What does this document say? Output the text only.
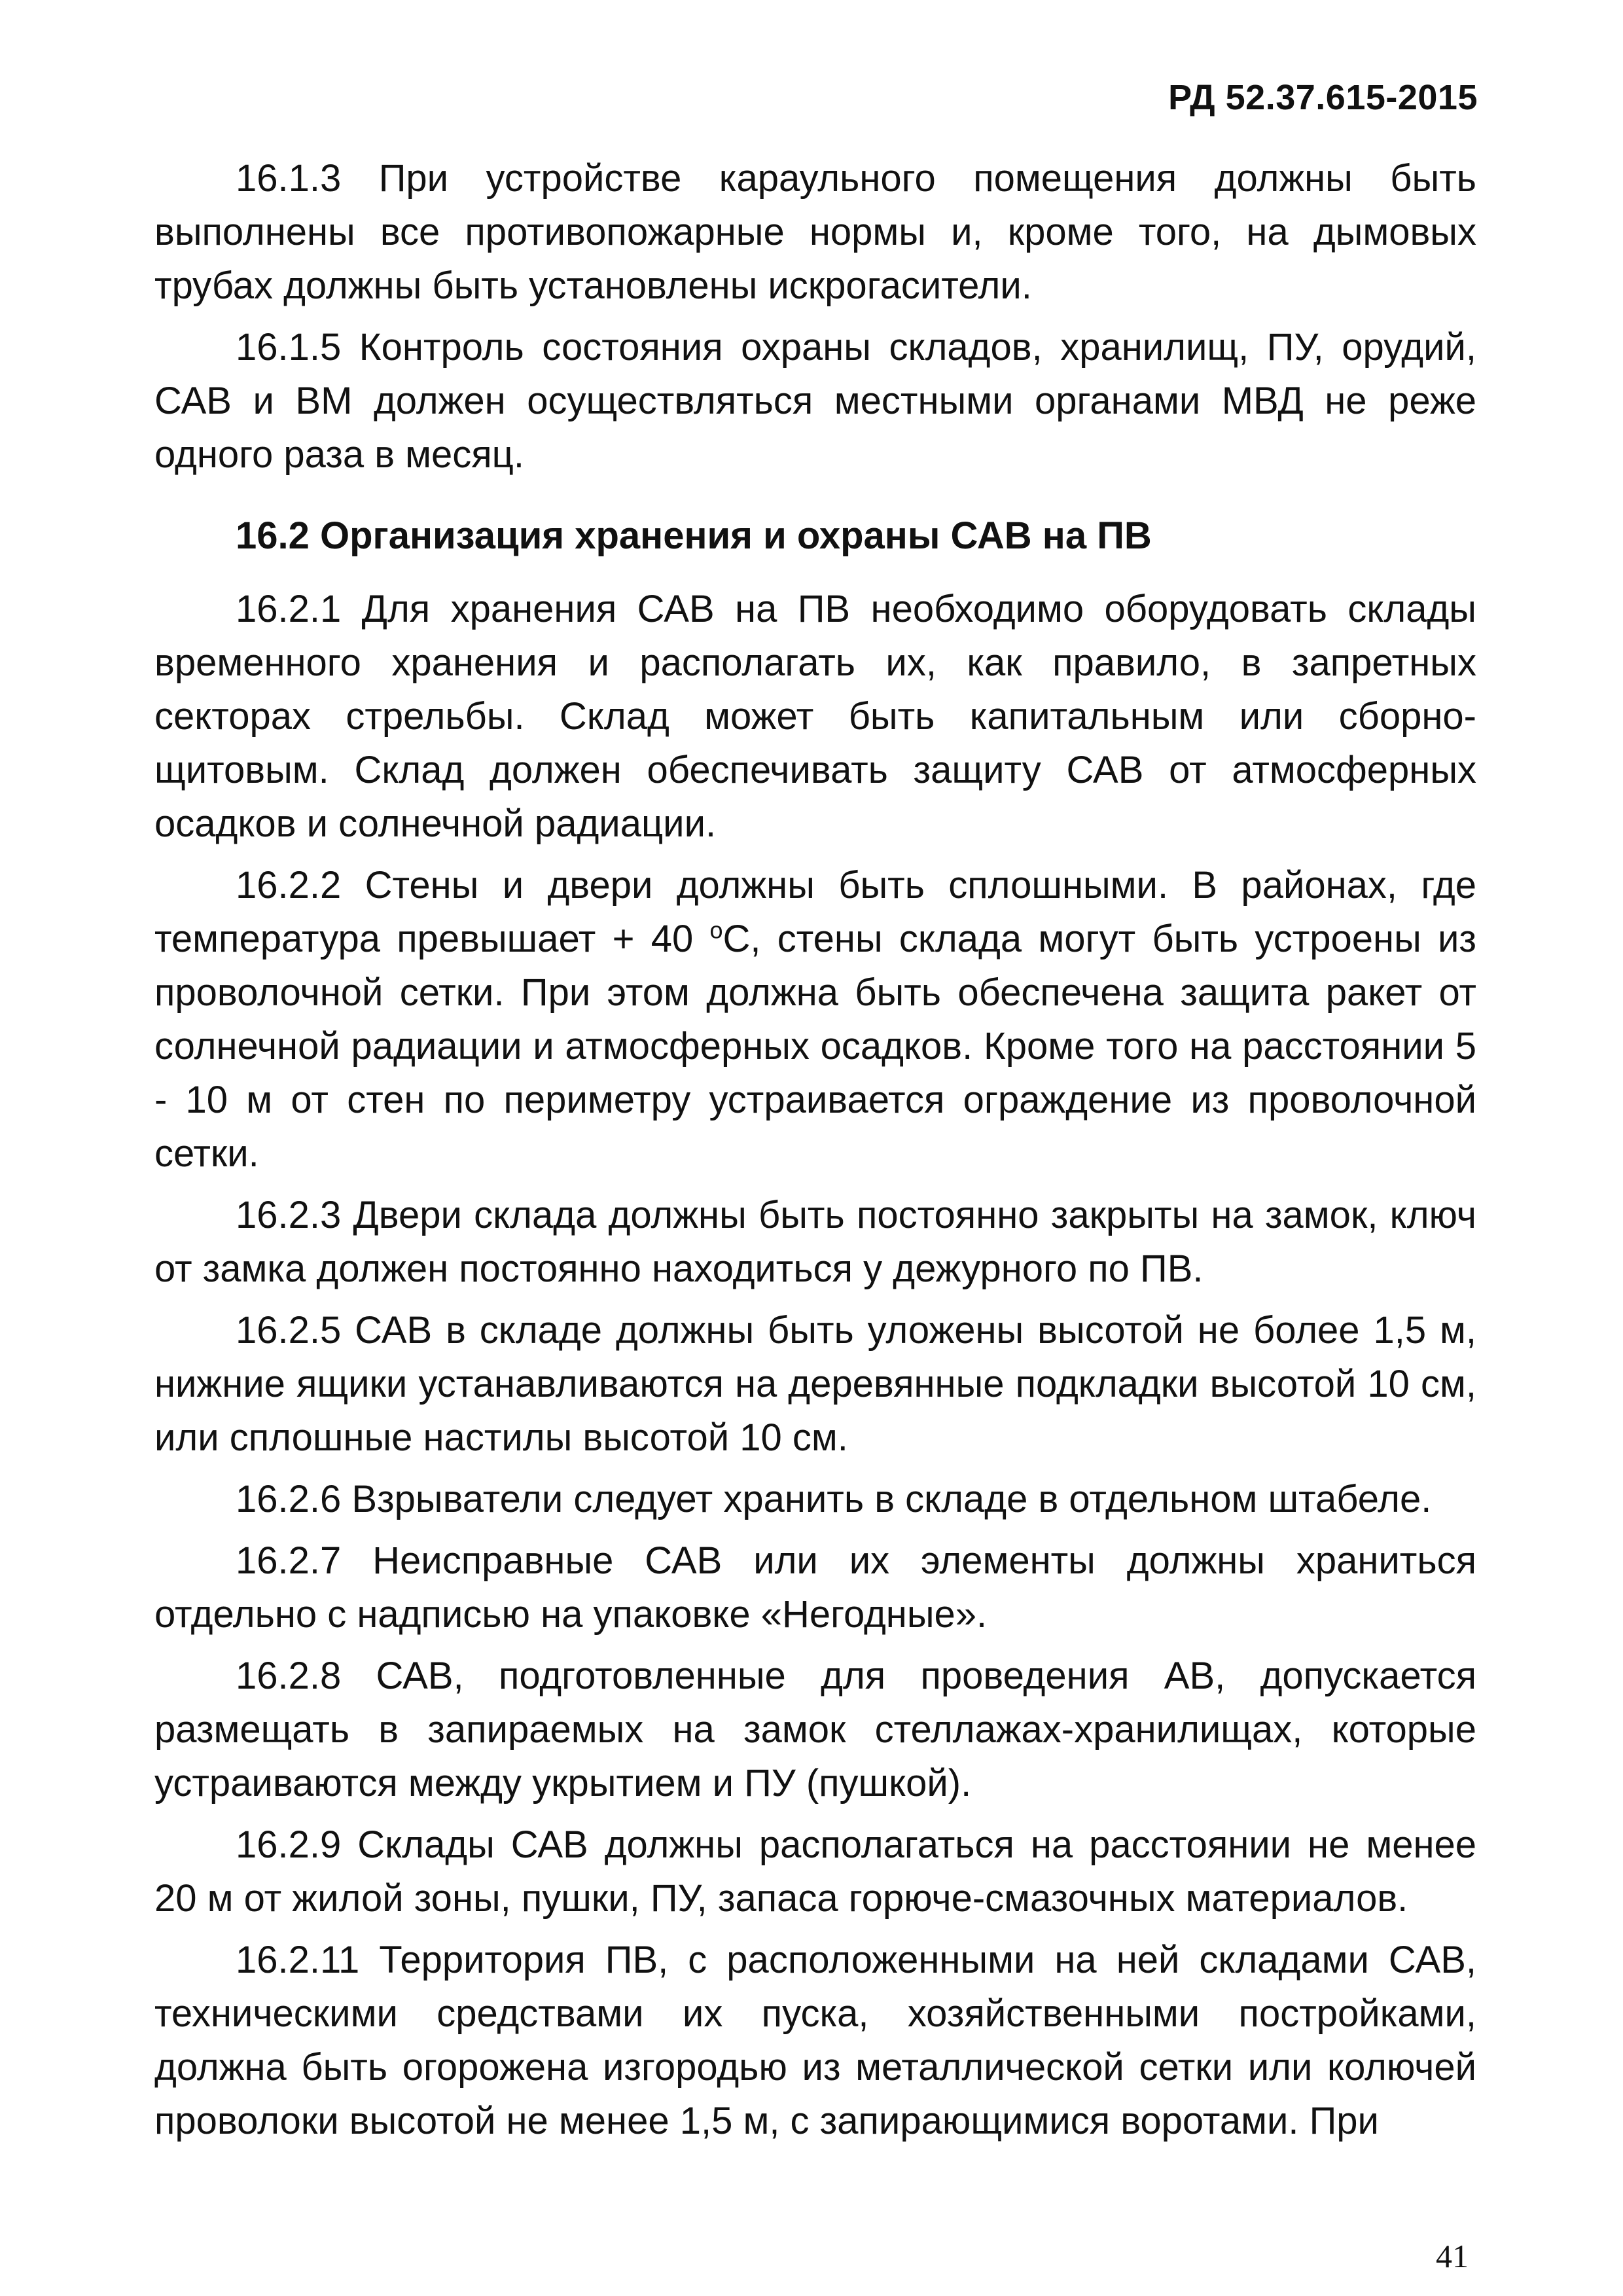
РД 52.37.615-2015

16.1.3 При устройстве караульного помещения должны быть выполнены все противопожарные нормы и, кроме того, на дымовых трубах должны быть установлены искрогасители.

16.1.5 Контроль состояния охраны складов, хранилищ, ПУ, орудий, САВ и ВМ должен осуществляться местными органами МВД не реже одного раза в месяц.

16.2 Организация хранения и охраны САВ на ПВ

16.2.1 Для хранения САВ на ПВ необходимо оборудовать склады временного хранения и располагать их, как правило, в запретных секторах стрельбы. Склад может быть капитальным или сборно-щитовым. Склад должен обеспечивать защиту САВ от атмосферных осадков и солнечной радиации.

16.2.2 Стены и двери должны быть сплошными. В районах, где температура превышает + 40 $^o$С, стены склада могут быть устроены из проволочной сетки. При этом должна быть обеспечена защита ракет от солнечной радиации и атмосферных осадков. Кроме того на расстоянии 5 - 10 м от стен по периметру устраивается ограждение из проволочной сетки.

16.2.3 Двери склада должны быть постоянно закрыты на замок, ключ от замка должен постоянно находиться у дежурного по ПВ.

16.2.5 САВ в складе должны быть уложены высотой не более 1,5 м, нижние ящики устанавливаются на деревянные подкладки высотой 10 см, или сплошные настилы высотой 10 см.

16.2.6 Взрыватели следует хранить в складе в отдельном штабеле.

16.2.7 Неисправные САВ или их элементы должны храниться отдельно с надписью на упаковке «Негодные».

16.2.8 САВ, подготовленные для проведения АВ, допускается размещать в запираемых на замок стеллажах-хранилищах, которые устраиваются между укрытием и ПУ (пушкой).

16.2.9 Склады САВ должны располагаться на расстоянии не менее 20 м от жилой зоны, пушки, ПУ, запаса горюче-смазочных материалов.

16.2.11 Территория ПВ, с расположенными на ней складами САВ, техническими средствами их пуска, хозяйственными постройками, должна быть огорожена изгородью из металлической сетки или колючей проволоки высотой не менее 1,5 м, с запирающимися воротами. При

41
